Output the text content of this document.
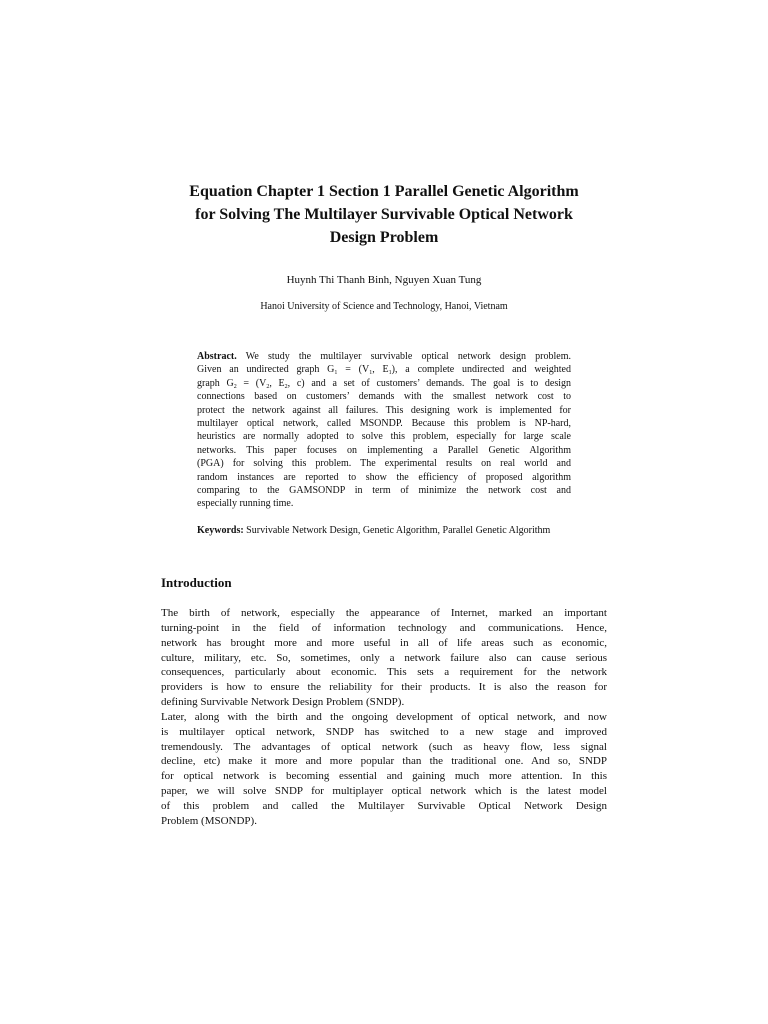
Equation Chapter 1 Section 1 Parallel Genetic Algorithm
for Solving The Multilayer Survivable Optical Network
Design Problem

Huynh Thi Thanh Binh, Nguyen Xuan Tung

Hanoi University of Science and Technology, Hanoi, Vietnam

Abstract. We study the multilayer survivable optical network design problem.
Given an undirected graph $G_1 = (V_1$, $E_1$), a complete undirected and weighted
graph $G_2 = (V_2$, $E_2$, c) and a set of customers’ demands. The goal is to design
connections based on customers’ demands with the smallest network cost to
protect the network against all failures. This designing work is implemented for
multilayer optical network, called MSONDP. Because this problem is NP-hard,
heuristics are normally adopted to solve this problem, especially for large scale
networks. This paper focuses on implementing a Parallel Genetic Algorithm
(PGA) for solving this problem. The experimental results on real world and
random instances are reported to show the efficiency of proposed algorithm
comparing to the GAMSONDP in term of minimize the network cost and
especially running time.

Keywords: Survivable Network Design, Genetic Algorithm, Parallel Genetic Algorithm

Introduction
The birth of network, especially the appearance of Internet, marked an important
turning-point in the field of information technology and communications. Hence,
network has brought more and more useful in all of life areas such as economic,
culture, military, etc. So, sometimes, only a network failure also can cause serious
consequences, particularly about economic. This sets a requirement for the network
providers is how to ensure the reliability for their products. It is also the reason for
defining Survivable Network Design Problem (SNDP).
Later, along with the birth and the ongoing development of optical network, and now
is multilayer optical network, SNDP has switched to a new stage and improved
tremendously. The advantages of optical network (such as heavy flow, less signal
decline, etc) make it more and more popular than the traditional one. And so, SNDP
for optical network is becoming essential and gaining much more attention. In this
paper, we will solve SNDP for multiplayer optical network which is the latest model
of this problem and called the Multilayer Survivable Optical Network Design
Problem (MSONDP).
